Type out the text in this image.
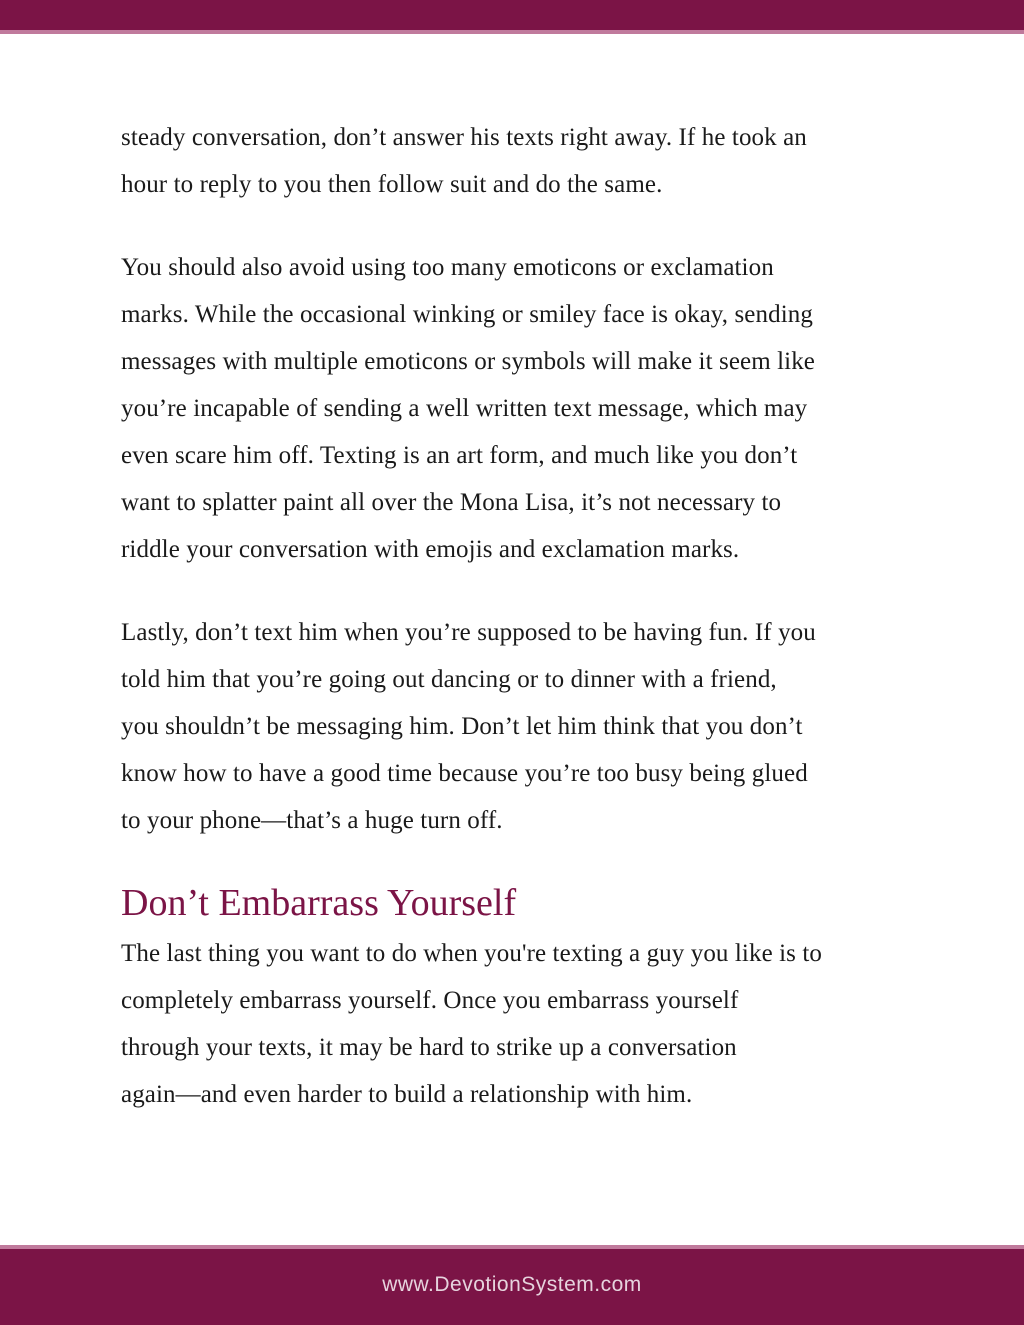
steady conversation, don’t answer his texts right away. If he took an
hour to reply to you then follow suit and do the same.
You should also avoid using too many emoticons or exclamation
marks. While the occasional winking or smiley face is okay, sending
messages with multiple emoticons or symbols will make it seem like
you’re incapable of sending a well written text message, which may
even scare him off. Texting is an art form, and much like you don’t
want to splatter paint all over the Mona Lisa, it’s not necessary to
riddle your conversation with emojis and exclamation marks.
Lastly, don’t text him when you’re supposed to be having fun. If you
told him that you’re going out dancing or to dinner with a friend,
you shouldn’t be messaging him. Don’t let him think that you don’t
know how to have a good time because you’re too busy being glued
to your phone—that’s a huge turn off.
Don’t Embarrass Yourself
The last thing you want to do when you're texting a guy you like is to
completely embarrass yourself. Once you embarrass yourself
through your texts, it may be hard to strike up a conversation
again—and even harder to build a relationship with him.
www.DevotionSystem.com
